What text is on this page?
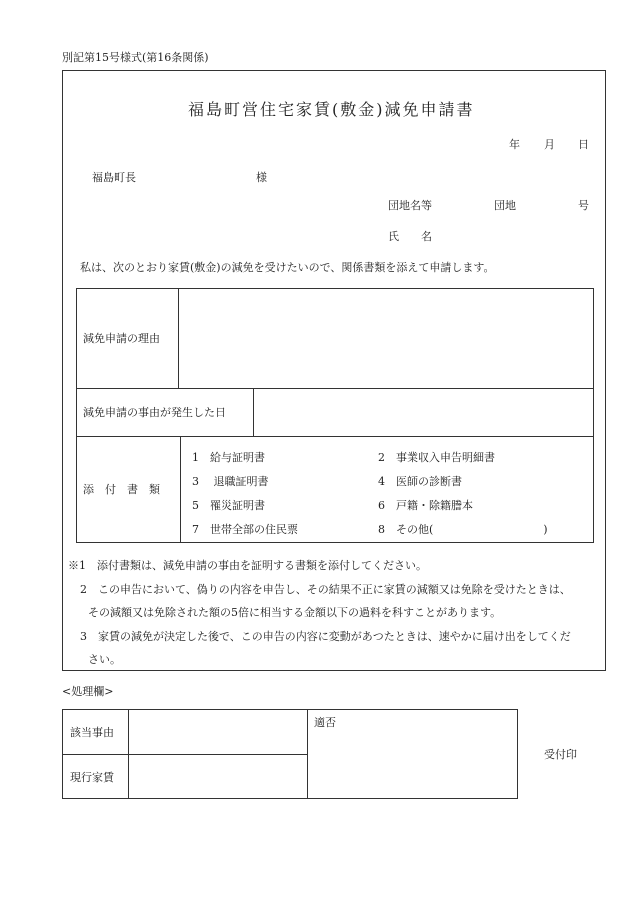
別記第15号様式(第16条関係)
福島町営住宅家賃(敷金)減免申請書
年 月 日
福島町長	様
団地名等	団地	号
氏　　名
私は、次のとおり家賃(敷金)の減免を受けたいので、関係書類を添えて申請します。
減免申請の理由
減免申請の事由が発生した日
添　付　書　類
1　給与証明書	2　事業収入申告明細書
3　 退職証明書	4　医師の診断書
5　罹災証明書	6　戸籍・除籍謄本
7　世帯全部の住民票	8　その他(　　　　　　　　　　)
※1　添付書類は、減免申請の事由を証明する書類を添付してください。
2　この申告において、偽りの内容を申告し、その結果不正に家賃の減額又は免除を受けたときは、
その減額又は免除された額の5倍に相当する金額以下の過料を科すことがあります。
3　家賃の減免が決定した後で、この申告の内容に変動があつたときは、速やかに届け出をしてくだ
さい。
<処理欄>
該当事由
現行家賃
適否
受付印
